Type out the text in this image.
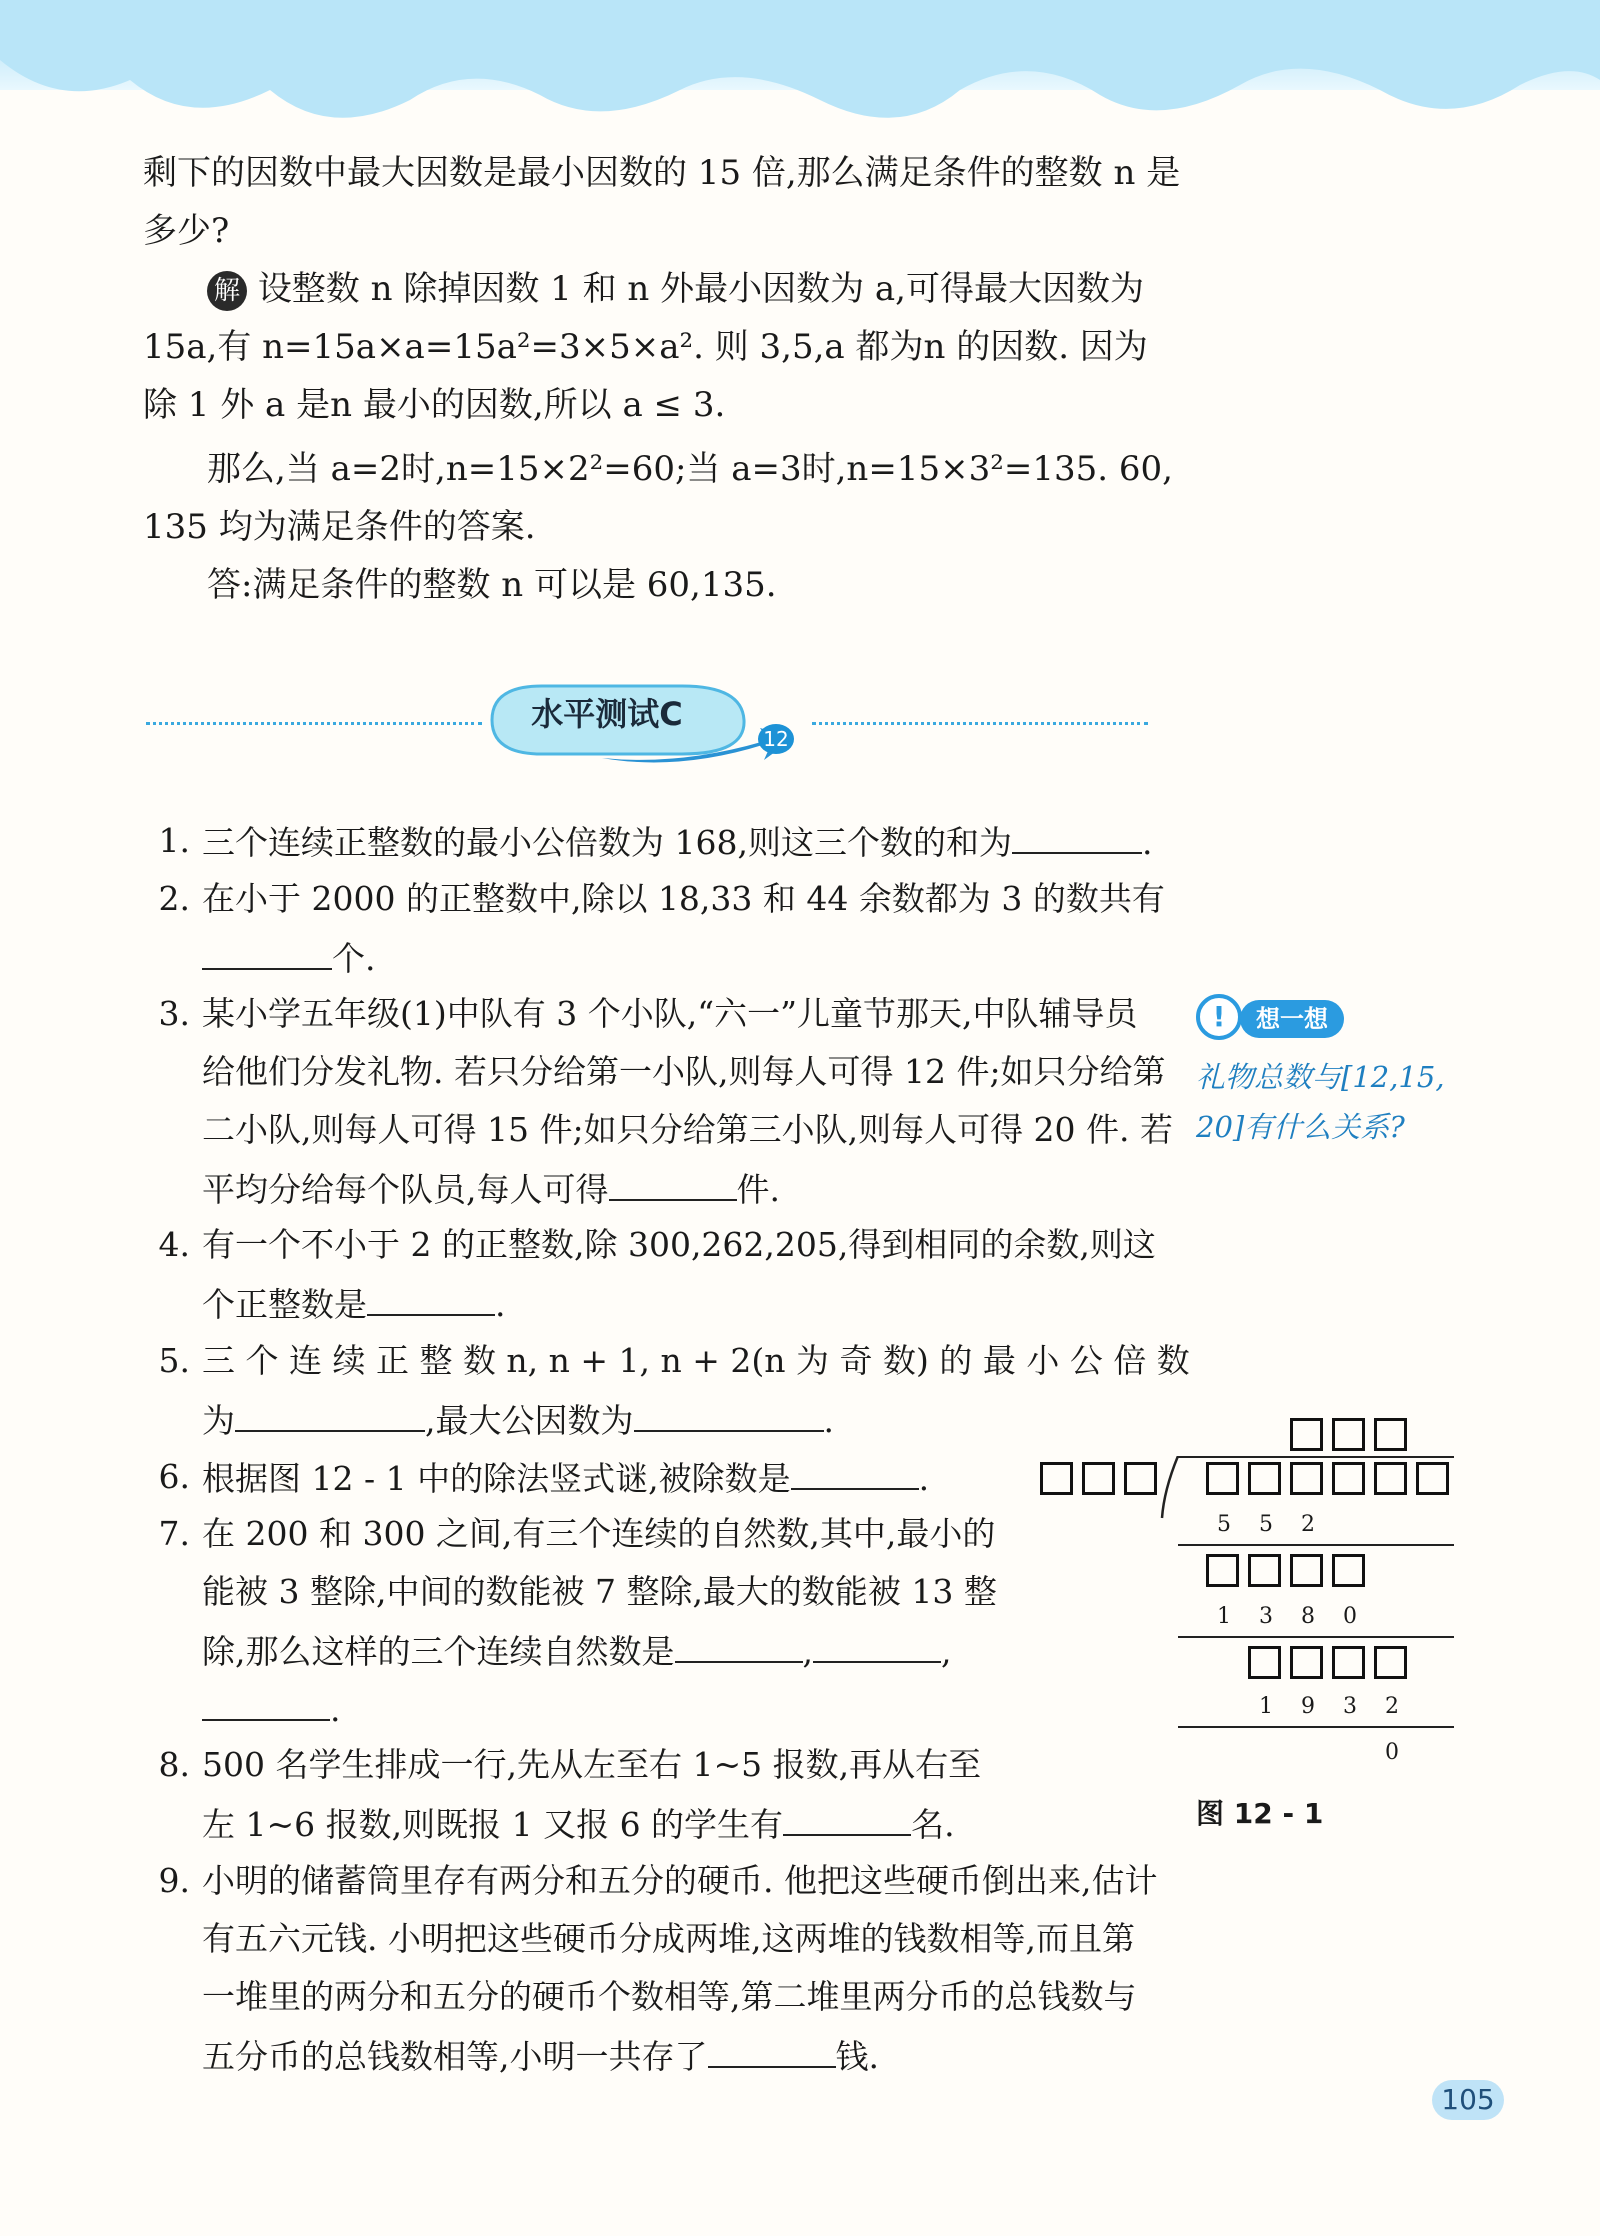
剩下的因数中最大因数是最小因数的 15 倍,那么满足条件的整数 n 是
多少?
解 设整数 n 除掉因数 1 和 n 外最小因数为 a,可得最大因数为
15a,有 n=15a×a=15a²=3×5×a². 则 3,5,a 都为n 的因数. 因为
除 1 外 a 是n 最小的因数,所以 a ≤ 3.
那么,当 a=2时,n=15×2²=60;当 a=3时,n=15×3²=135. 60,
135 均为满足条件的答案.
答:满足条件的整数 n 可以是 60,135.
水平测试C
12
1. 三个连续正整数的最小公倍数为 168,则这三个数的和为	.
2. 在小于 2000 的正整数中,除以 18,33 和 44 余数都为 3 的数共有
个.
3. 某小学五年级(1)中队有 3 个小队,“六一”儿童节那天,中队辅导员
给他们分发礼物. 若只分给第一小队,则每人可得 12 件;如只分给第
二小队,则每人可得 15 件;如只分给第三小队,则每人可得 20 件. 若
平均分给每个队员,每人可得	件.
4. 有一个不小于 2 的正整数,除 300,262,205,得到相同的余数,则这
个正整数是	.
5. 三 个 连 续 正 整 数 n, n + 1, n + 2(n 为 奇 数) 的 最 小 公 倍 数
为	,最大公因数为	.
6. 根据图 12 - 1 中的除法竖式谜,被除数是	.
7. 在 200 和 300 之间,有三个连续的自然数,其中,最小的
能被 3 整除,中间的数能被 7 整除,最大的数能被 13 整
除,那么这样的三个连续自然数是	,	,
.
8. 500 名学生排成一行,先从左至右 1~5 报数,再从右至
左 1~6 报数,则既报 1 又报 6 的学生有	名.
9. 小明的储蓄筒里存有两分和五分的硬币. 他把这些硬币倒出来,估计
有五六元钱. 小明把这些硬币分成两堆,这两堆的钱数相等,而且第
一堆里的两分和五分的硬币个数相等,第二堆里两分币的总钱数与
五分币的总钱数相等,小明一共存了	钱.
!	想一想
礼物总数与[12,15,
20]有什么关系?
5	5	2
1	3	8	0
1	9	3	2
0
图 12 - 1
105
